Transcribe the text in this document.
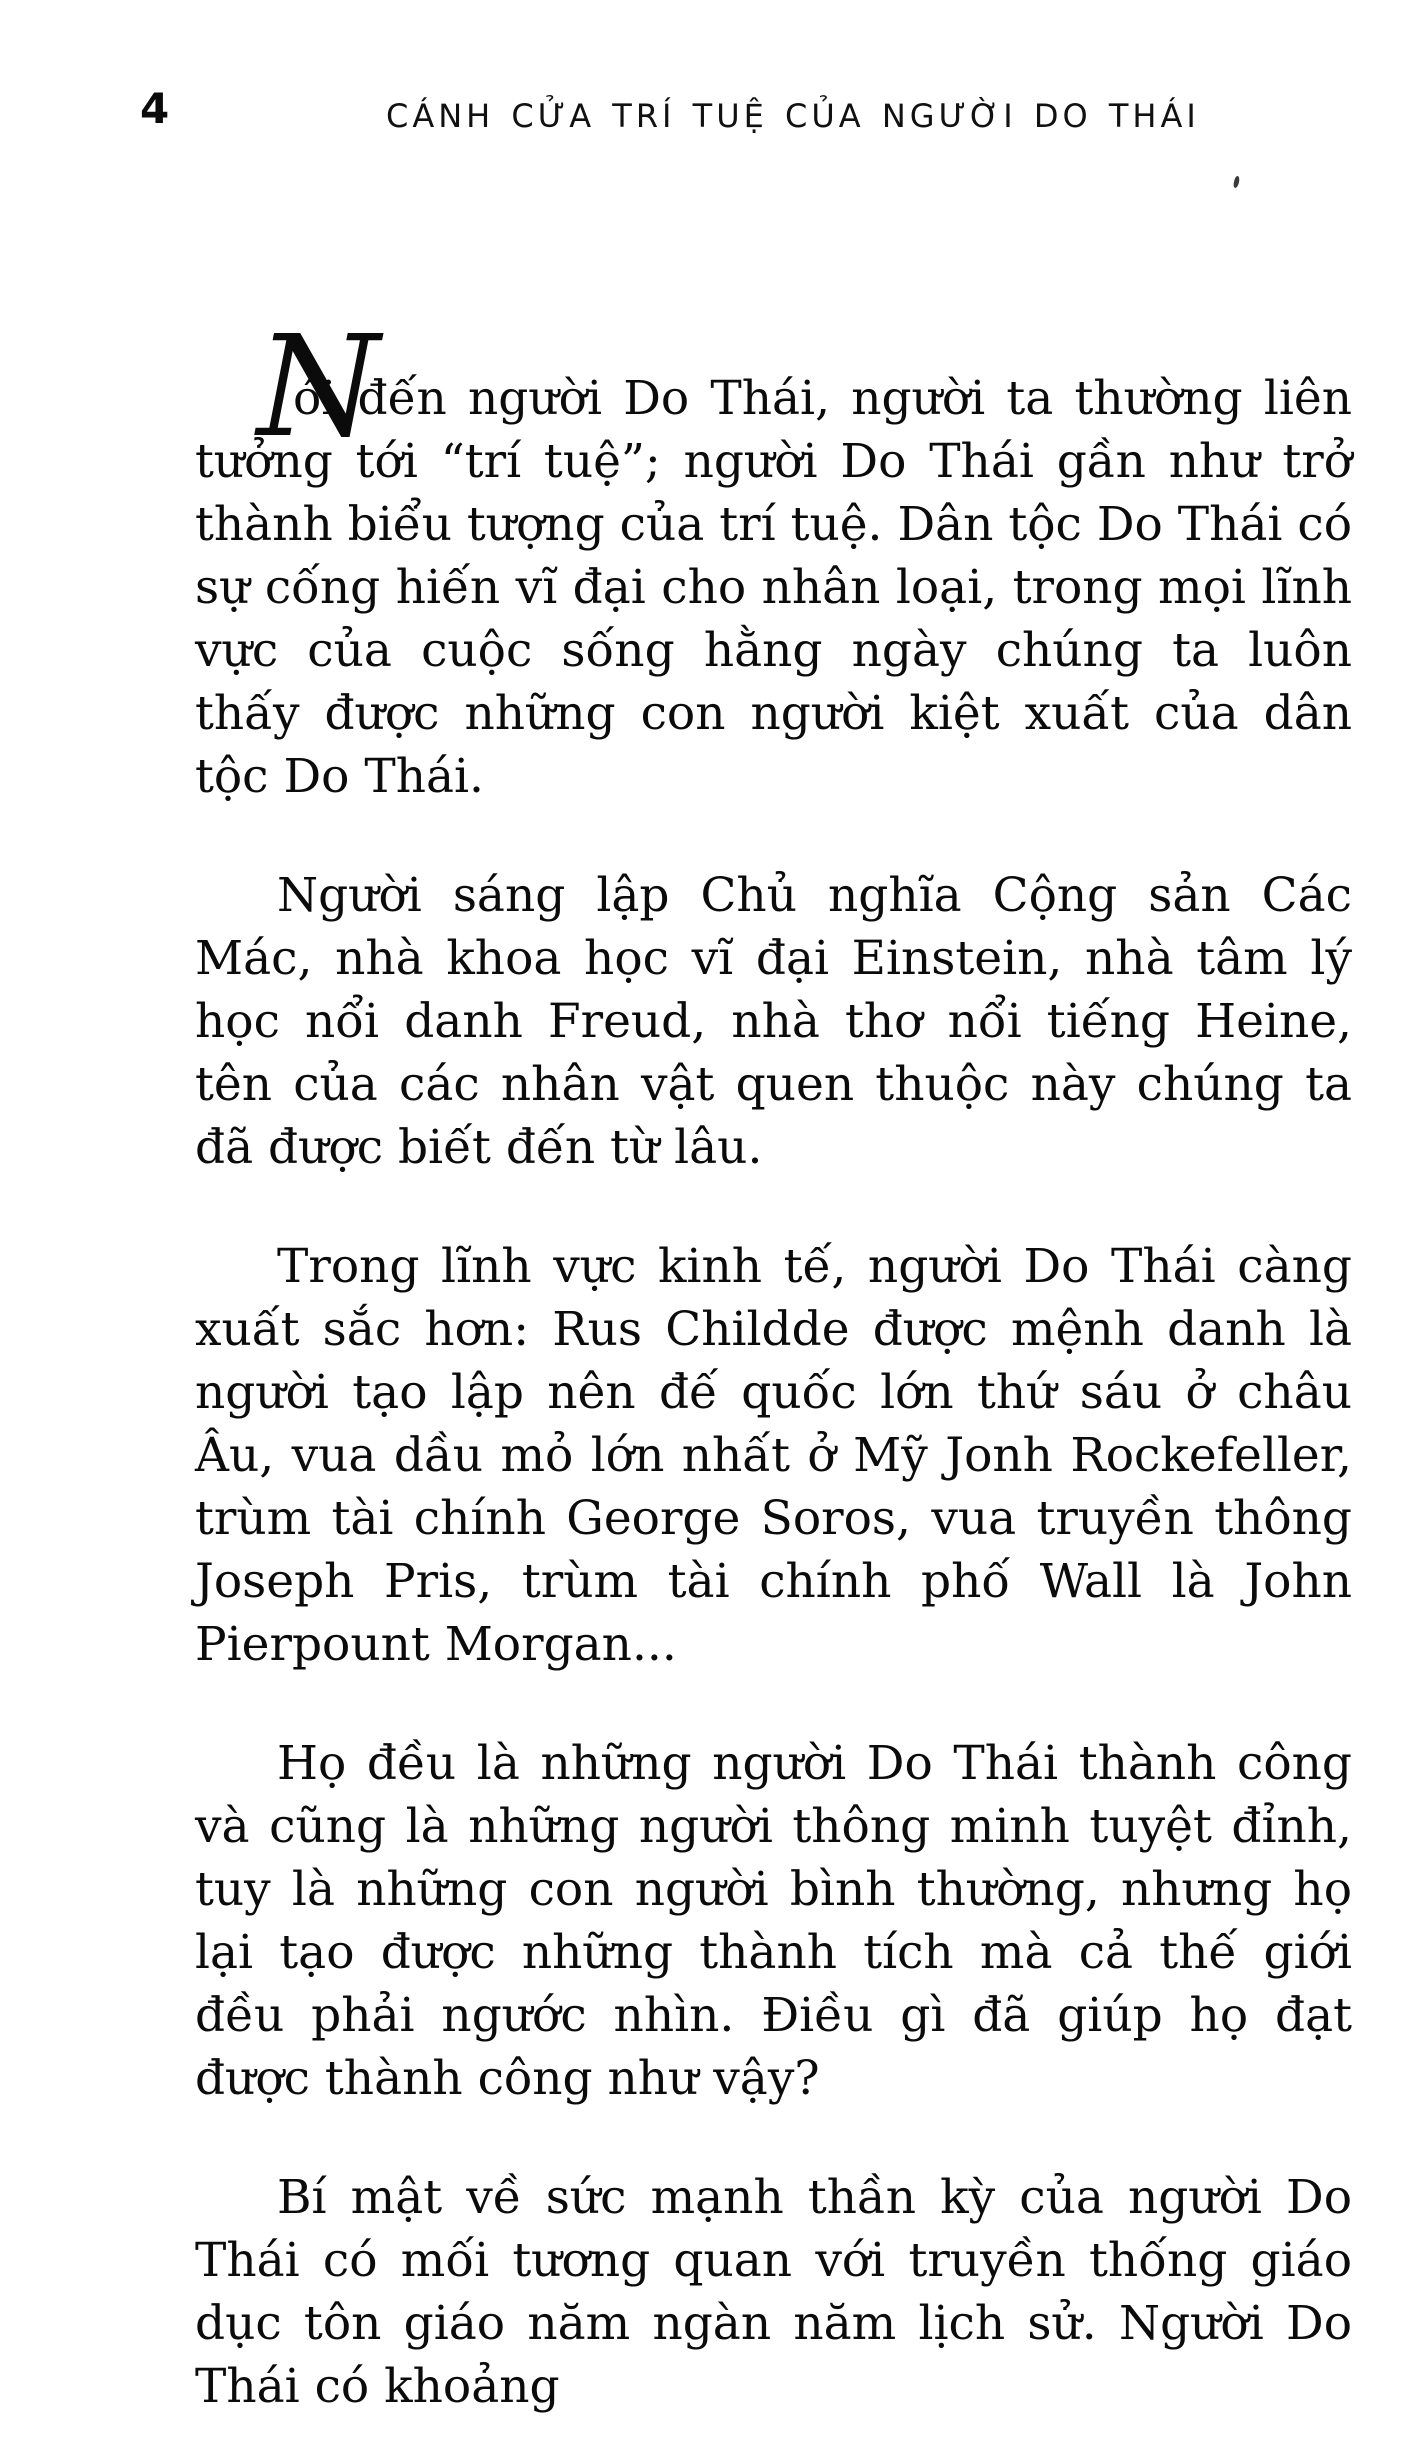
4	CÁNH CỬA TRÍ TUỆ CỦA NGƯỜI DO THÁI

N
ói đến người Do Thái, người ta thường liên tưởng tới “trí tuệ”; người Do Thái gần như trở thành biểu tượng của trí tuệ. Dân tộc Do Thái có sự cống hiến vĩ đại cho nhân loại, trong mọi lĩnh vực của cuộc sống hằng ngày chúng ta luôn thấy được những con người kiệt xuất của dân tộc Do Thái.

Người sáng lập Chủ nghĩa Cộng sản Các Mác, nhà khoa học vĩ đại Einstein, nhà tâm lý học nổi danh Freud, nhà thơ nổi tiếng Heine, tên của các nhân vật quen thuộc này chúng ta đã được biết đến từ lâu.

Trong lĩnh vực kinh tế, người Do Thái càng xuất sắc hơn: Rus Childde được mệnh danh là người tạo lập nên đế quốc lớn thứ sáu ở châu Âu, vua dầu mỏ lớn nhất ở Mỹ Jonh Rockefeller, trùm tài chính George Soros, vua truyền thông Joseph Pris, trùm tài chính phố Wall là John Pierpount Morgan...

Họ đều là những người Do Thái thành công và cũng là những người thông minh tuyệt đỉnh, tuy là những con người bình thường, nhưng họ lại tạo được những thành tích mà cả thế giới đều phải ngước nhìn. Điều gì đã giúp họ đạt được thành công như vậy?

Bí mật về sức mạnh thần kỳ của người Do Thái có mối tương quan với truyền thống giáo dục tôn giáo năm ngàn năm lịch sử. Người Do Thái có khoảng
